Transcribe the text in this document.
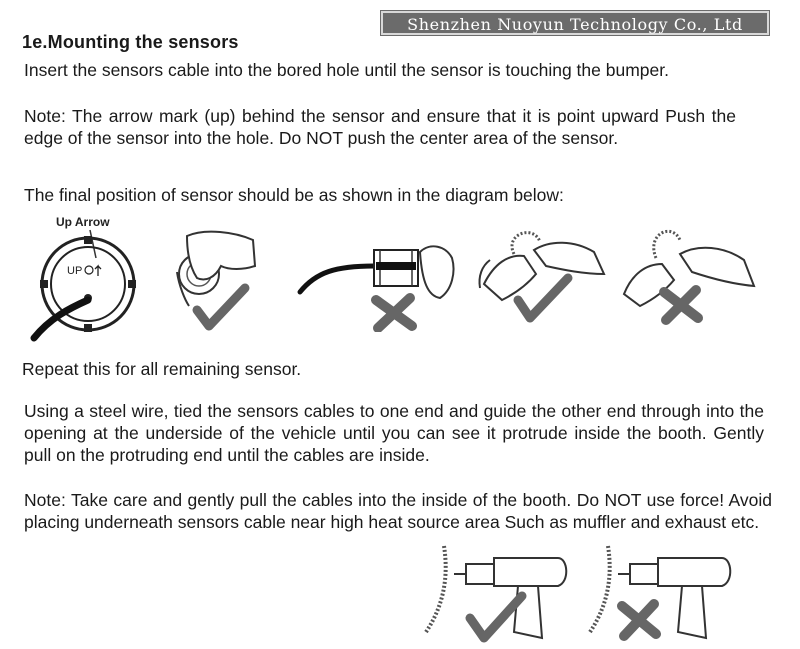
Shenzhen Nuoyun Technology Co., Ltd
1e.Mounting the sensors

Insert the sensors cable into the bored hole until the sensor is touching the bumper.

Note: The arrow mark (up) behind the sensor and ensure that it is point upward Push the edge of the sensor into the hole. Do NOT push the center area of the sensor.

The final position of sensor should be as shown in the diagram below:

Up Arrow
UP

Repeat this for all remaining sensor.

Using a steel wire, tied the sensors cables to one end and guide the other end through into the opening at the underside of the vehicle until you can see it protrude inside the booth. Gently pull on the protruding end until the cables are inside.

Note: Take care and gently pull the cables into the inside of the booth. Do NOT use force! Avoid placing underneath sensors cable near high heat source area Such as muffler and exhaust etc.
